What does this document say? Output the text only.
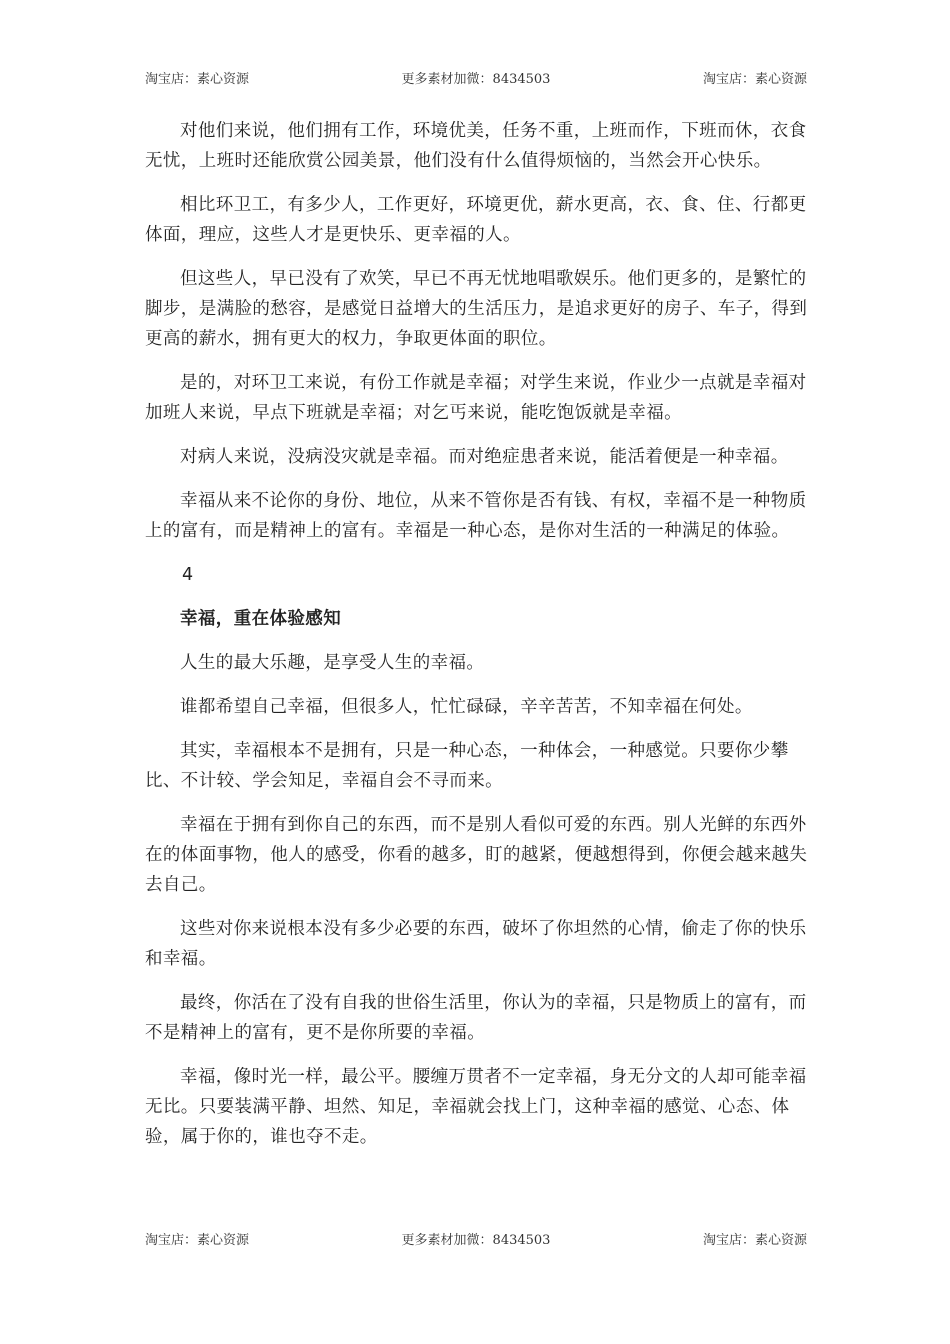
淘宝店：素心资源	更多素材加微：8434503	淘宝店：素心资源

对他们来说，他们拥有工作，环境优美，任务不重，上班而作，下班而休，衣食无忧，上班时还能欣赏公园美景，他们没有什么值得烦恼的，当然会开心快乐。

相比环卫工，有多少人，工作更好，环境更优，薪水更高，衣、食、住、行都更体面，理应，这些人才是更快乐、更幸福的人。

但这些人，早已没有了欢笑，早已不再无忧地唱歌娱乐。他们更多的，是繁忙的脚步，是满脸的愁容，是感觉日益增大的生活压力，是追求更好的房子、车子，得到更高的薪水，拥有更大的权力，争取更体面的职位。

是的，对环卫工来说，有份工作就是幸福；对学生来说，作业少一点就是幸福对加班人来说，早点下班就是幸福；对乞丐来说，能吃饱饭就是幸福。

对病人来说，没病没灾就是幸福。而对绝症患者来说，能活着便是一种幸福。

幸福从来不论你的身份、地位，从来不管你是否有钱、有权，幸福不是一种物质上的富有，而是精神上的富有。幸福是一种心态，是你对生活的一种满足的体验。

4

幸福，重在体验感知

人生的最大乐趣，是享受人生的幸福。

谁都希望自己幸福，但很多人，忙忙碌碌，辛辛苦苦，不知幸福在何处。

其实，幸福根本不是拥有，只是一种心态，一种体会，一种感觉。只要你少攀比、不计较、学会知足，幸福自会不寻而来。

幸福在于拥有到你自己的东西，而不是别人看似可爱的东西。别人光鲜的东西外在的体面事物，他人的感受，你看的越多，盯的越紧，便越想得到，你便会越来越失去自己。

这些对你来说根本没有多少必要的东西，破坏了你坦然的心情，偷走了你的快乐和幸福。

最终，你活在了没有自我的世俗生活里，你认为的幸福，只是物质上的富有，而不是精神上的富有，更不是你所要的幸福。

幸福，像时光一样，最公平。腰缠万贯者不一定幸福，身无分文的人却可能幸福无比。只要装满平静、坦然、知足，幸福就会找上门，这种幸福的感觉、心态、体验，属于你的，谁也夺不走。

淘宝店：素心资源	更多素材加微：8434503	淘宝店：素心资源
